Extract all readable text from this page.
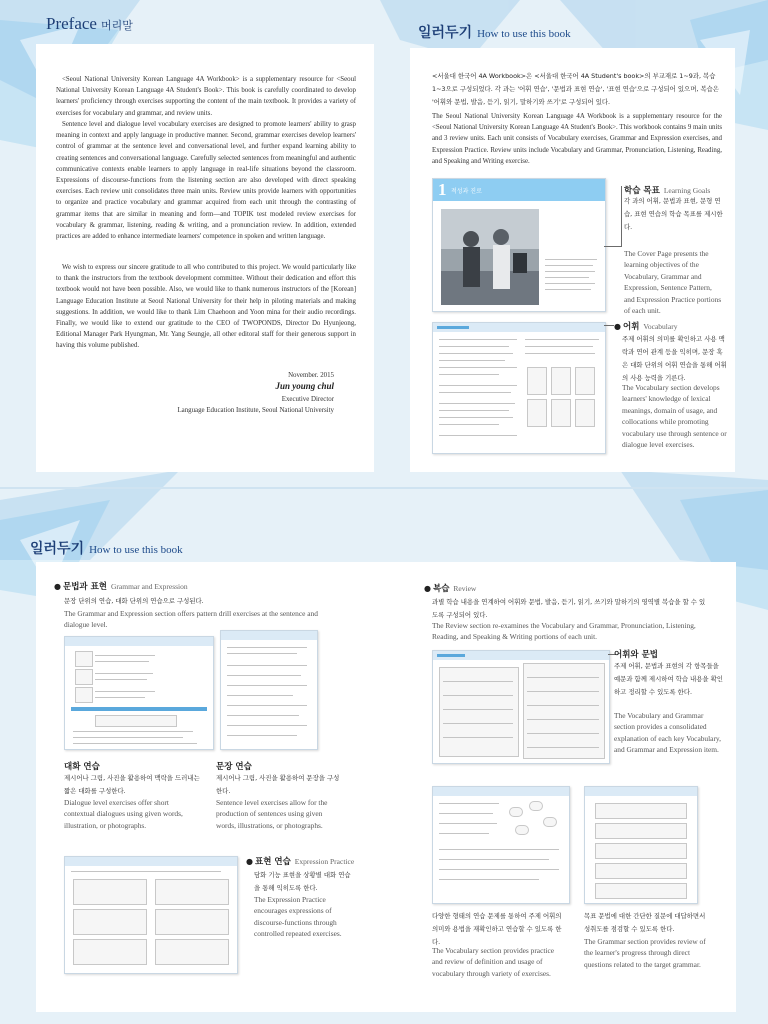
Preface 머리말

<Seoul National University Korean Language 4A Workbook> is a supplementary resource for <Seoul National University Korean Language 4A Student's Book>. This book is carefully coordinated to develop learners' proficiency through exercises supporting the content of the main textbook. It provides a variety of exercises for vocabulary and grammar, and review units.

Sentence level and dialogue level vocabulary exercises are designed to promote learners' ability to grasp meaning in context and apply language in productive manner. Second, grammar exercises develop learners' control of grammar at the sentence level and conversational level, and further expand learning ability to creating sentences and conversational language. Carefully selected sentences from meaningful and authentic communicative contexts enable learners to apply language in real-life situations beyond the classroom. Expressions of discourse-functions from the listening section are also developed with direct speaking exercises. Each review unit consolidates three main units. Review units provide learners with opportunities to organize and practice vocabulary and grammar acquired from each unit through the contrasting of grammar items that are similar in meaning and form—and TOPIK test modeled review exercises for vocabulary & grammar, listening, reading & writing, and a pronunciation review. In addition, extended practices are added to enhance intermediate learners' competence in spoken and written language.

We wish to express our sincere gratitude to all who contributed to this project. We would particularly like to thank the instructors from the textbook development committee. Without their dedication and effort this textbook would not have been possible. Also, we would like to thank numerous instructors of the [Korean] Language Education Institute at Seoul National University for their help in piloting materials and making suggestions. In addition, we would like to thank Lim Chaehoon and Yoon mina for their audio recordings. Finally, we would like to extend our gratitude to the CEO of TWOPONDS, Director Do Hyunjeong, Editional Manager Park Hyungman, Mr. Yang Seungje, all other editoral staff for their generous support in having this volume published.

November. 2015
Jun young chul
Executive Director
Language Education Institute, Seoul National University
일러두기 How to use this book

<서울대 한국어 4A Workbook>은 <서울대 한국어 4A Student's book>의 부교재로 1~9과, 복습 1~3으로 구성되었다. 각 과는 '어휘 연습', '문법과 표현 연습', '표현 연습'으로 구성되어 있으며, 복습은 '어휘와 문법, 발음, 듣기, 읽기, 말하기와 쓰기'로 구성되어 있다.

The Seoul National University Korean Language 4A Workbook is a supplementary resource for the <Seoul National University Korean Language 4A Student's Book>. This workbook contains 9 main units and 3 review units. Each unit consists of Vocabulary exercises, Grammar and Expression exercises, and Expression Practice. Review units include Vocabulary and Grammar, Pronunciation, Listening, Reading, and Speaking and Writing exercise.

1 적성과 진로	학습 목표 Learning Goals

각 과의 어휘, 문법과 표현, 문형 연습, 표현 연습의 학습 목표를 제시한다.

The Cover Page presents the learning objectives of the Vocabulary, Grammar and Expression, Sentence Pattern, and Expression Practice portions of each unit.

● 어휘 Vocabulary

주제 어휘의 의미를 확인하고 사용 맥락과 연어 관계 등을 익히며, 문장 혹은 대화 단위의 어휘 연습을 통해 어휘의 사용 능력을 기른다.

The Vocabulary section develops learners' knowledge of lexical meanings, domain of usage, and collocations while promoting vocabulary use through sentence or dialogue level exercises.

일러두기 How to use this book
● 문법과 표현 Grammar and Expression

문장 단위의 연습, 대화 단위의 연습으로 구성된다.

The Grammar and Expression section offers pattern drill exercises at the sentence and dialogue level.

대화 연습

제시어나 그림, 사진을 활용하여 맥락을 드러내는 짧은 대화를 구성한다.

Dialogue level exercises offer short contextual dialogues using given words, illustration, or photographs.

문장 연습

제시어나 그림, 사진을 활용하여 문장을 구성한다.

Sentence level exercises allow for the production of sentences using given words, illustrations, or photographs.

● 표현 연습 Expression Practice

담화 기능 표현을 상황별 대화 연습을 통해 익히도록 한다.

The Expression Practice encourages expressions of discourse-functions through controlled repeated exercises.

● 복습 Review

과별 학습 내용을 연계하여 어휘와 문법, 발음, 듣기, 읽기, 쓰기와 말하기의 영역별 복습을 할 수 있도록 구성되어 있다.

The Review section re-examines the Vocabulary and Grammar, Pronunciation, Listening, Reading, and Speaking & Writing portions of each unit.

어휘와 문법

주제 어휘, 문법과 표현의 각 항목들을 예문과 함께 제시하여 학습 내용을 확인하고 정리할 수 있도록 한다.

The Vocabulary and Grammar section provides a consolidated explanation of each key Vocabulary, and Grammar and Expression item.

다양한 형태의 연습 문제를 통하여 주제 어휘의 의미와 용법을 재확인하고 연습할 수 있도록 한다.

The Vocabulary section provides practice and review of definition and usage of vocabulary through variety of exercises.

목표 문법에 대한 간단한 질문에 대답하면서 성취도를 점검할 수 있도록 한다.

The Grammar section provides review of the learner's progress through direct questions related to the target grammar.
